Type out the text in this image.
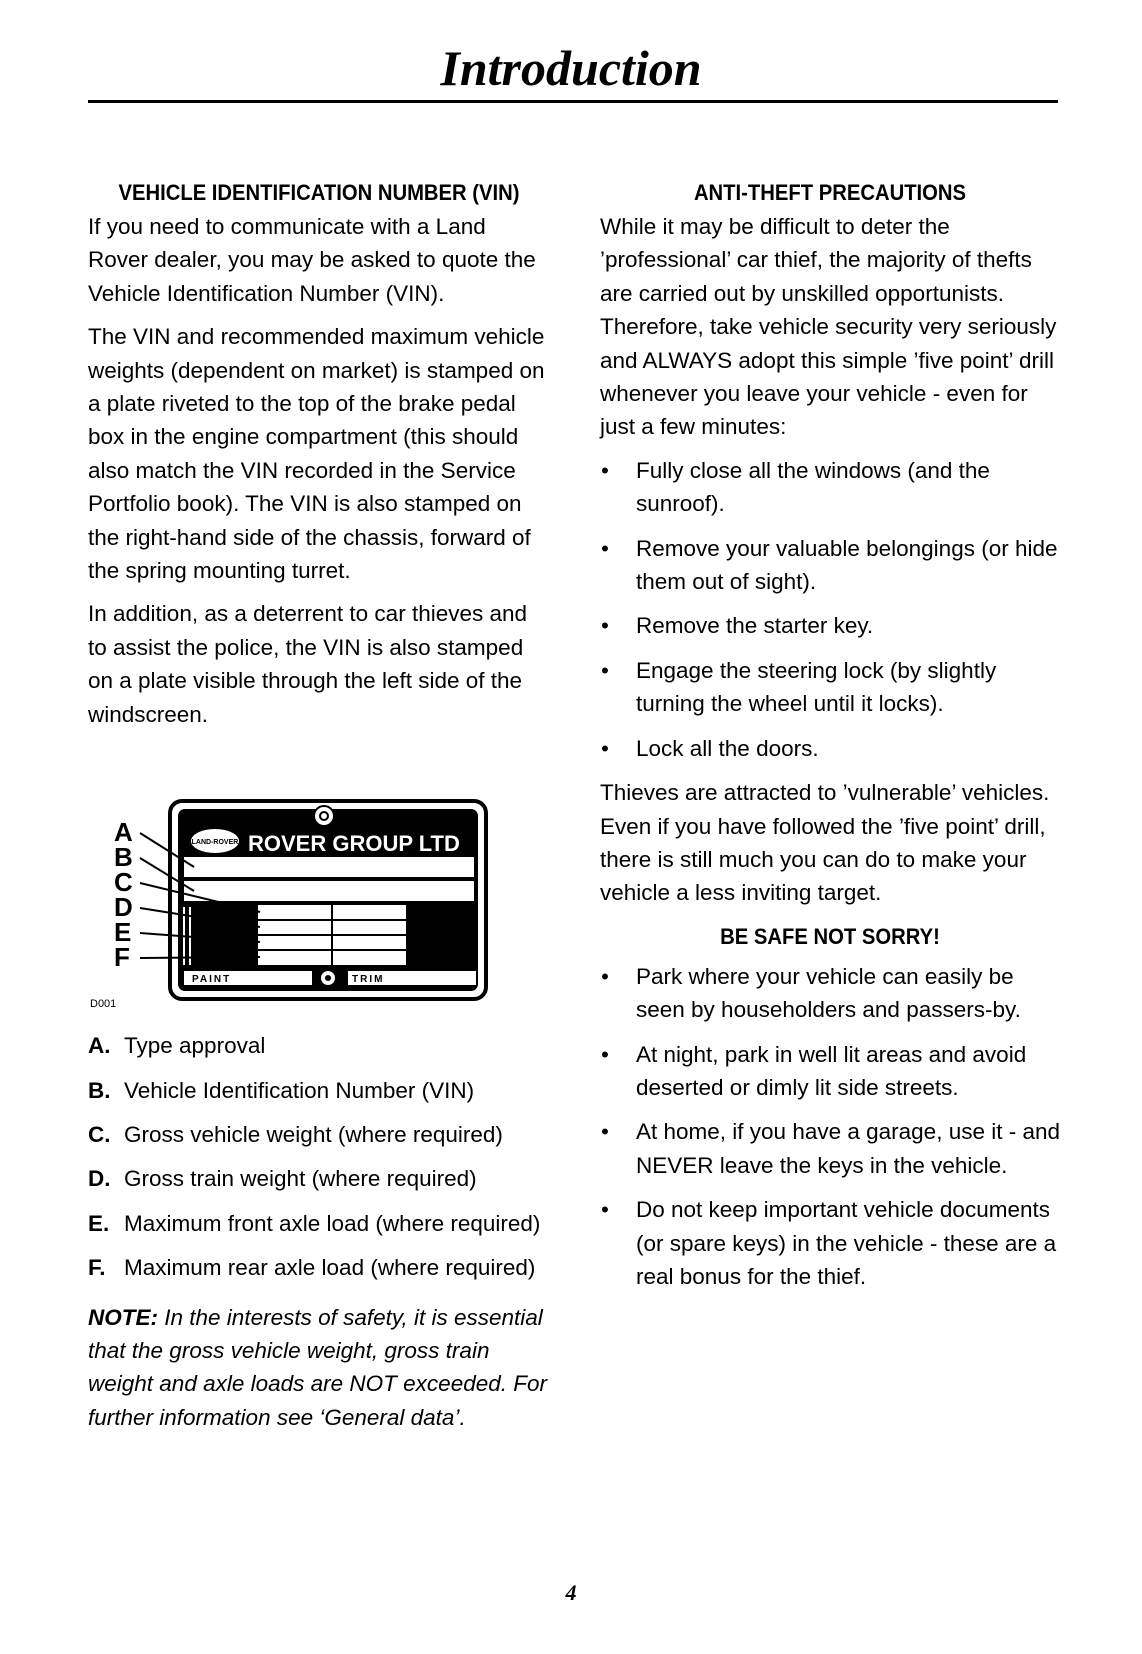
Introduction
VEHICLE IDENTIFICATION NUMBER (VIN)

If you need to communicate with a Land Rover dealer, you may be asked to quote the Vehicle Identification Number (VIN).

The VIN and recommended maximum vehicle weights (dependent on market) is stamped on a plate riveted to the top of the brake pedal box in the engine compartment (this should also match the VIN recorded in the Service Portfolio book). The VIN is also stamped on the right-hand side of the chassis, forward of the spring mounting turret.

In addition, as a deterrent to car thieves and to assist the police, the VIN is also stamped on a plate visible through the left side of the windscreen.

LAND-ROVER ROVER GROUP LTD
PAINT	TRIM
A
B
C
D
E
F
D001
A. Type approval
B. Vehicle Identification Number (VIN)
C. Gross vehicle weight (where required)
D. Gross train weight (where required)
E. Maximum front axle load (where required)
F. Maximum rear axle load (where required)
NOTE: In the interests of safety, it is essential that the gross vehicle weight, gross train weight and axle loads are NOT exceeded. For further information see ‘General data’.
ANTI-THEFT PRECAUTIONS

While it may be difficult to deter the ’professional’ car thief, the majority of thefts are carried out by unskilled opportunists. Therefore, take vehicle security very seriously and ALWAYS adopt this simple ’five point’ drill whenever you leave your vehicle - even for just a few minutes:

• Fully close all the windows (and the sunroof).
• Remove your valuable belongings (or hide them out of sight).
• Remove the starter key.
• Engage the steering lock (by slightly turning the wheel until it locks).
• Lock all the doors.

Thieves are attracted to ’vulnerable’ vehicles. Even if you have followed the ’five point’ drill, there is still much you can do to make your vehicle a less inviting target.

BE SAFE NOT SORRY!
• Park where your vehicle can easily be seen by householders and passers-by.
• At night, park in well lit areas and avoid deserted or dimly lit side streets.
• At home, if you have a garage, use it - and NEVER leave the keys in the vehicle.
• Do not keep important vehicle documents (or spare keys) in the vehicle - these are a real bonus for the thief.
4
